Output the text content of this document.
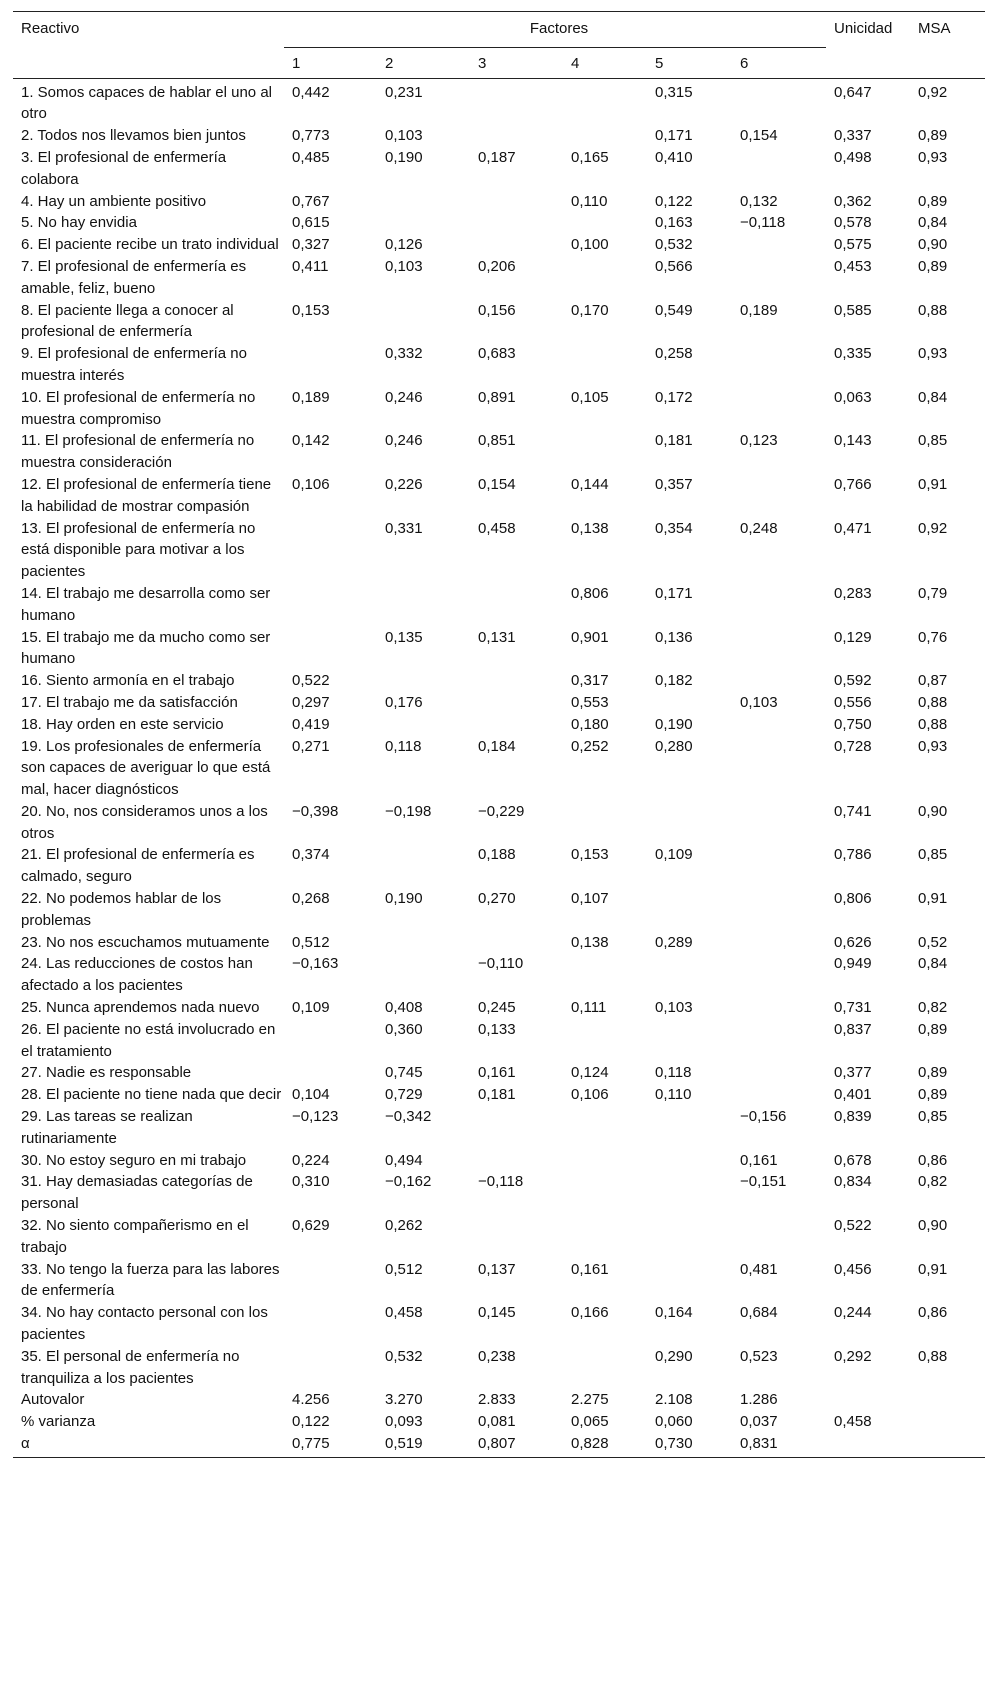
Reactivo	Factores						Unicidad	MSA
	1	2	3	4	5	6		
1. Somos capaces de hablar el uno al otro	0,442	0,231			0,315		0,647	0,92
2. Todos nos llevamos bien juntos	0,773	0,103			0,171	0,154	0,337	0,89
3. El profesional de enfermería colabora	0,485	0,190	0,187	0,165	0,410		0,498	0,93
4. Hay un ambiente positivo	0,767			0,110	0,122	0,132	0,362	0,89
5. No hay envidia	0,615				0,163	−0,118	0,578	0,84
6. El paciente recibe un trato individual	0,327	0,126		0,100	0,532		0,575	0,90
7. El profesional de enfermería es amable, feliz, bueno	0,411	0,103	0,206		0,566		0,453	0,89
8. El paciente llega a conocer al profesional de enfermería	0,153		0,156	0,170	0,549	0,189	0,585	0,88
9. El profesional de enfermería no muestra interés		0,332	0,683		0,258		0,335	0,93
10. El profesional de enfermería no muestra compromiso	0,189	0,246	0,891	0,105	0,172		0,063	0,84
11. El profesional de enfermería no muestra consideración	0,142	0,246	0,851		0,181	0,123	0,143	0,85
12. El profesional de enfermería tiene la habilidad de mostrar compasión	0,106	0,226	0,154	0,144	0,357		0,766	0,91
13. El profesional de enfermería no está disponible para motivar a los pacientes		0,331	0,458	0,138	0,354	0,248	0,471	0,92
14. El trabajo me desarrolla como ser humano				0,806	0,171		0,283	0,79
15. El trabajo me da mucho como ser humano		0,135	0,131	0,901	0,136		0,129	0,76
16. Siento armonía en el trabajo	0,522			0,317	0,182		0,592	0,87
17. El trabajo me da satisfacción	0,297	0,176		0,553		0,103	0,556	0,88
18. Hay orden en este servicio	0,419			0,180	0,190		0,750	0,88
19. Los profesionales de enfermería son capaces de averiguar lo que está mal, hacer diagnósticos	0,271	0,118	0,184	0,252	0,280		0,728	0,93
20. No, nos consideramos unos a los otros	−0,398	−0,198	−0,229				0,741	0,90
21. El profesional de enfermería es calmado, seguro	0,374		0,188	0,153	0,109		0,786	0,85
22. No podemos hablar de los problemas	0,268	0,190	0,270	0,107			0,806	0,91
23. No nos escuchamos mutuamente	0,512			0,138	0,289		0,626	0,52
24. Las reducciones de costos han afectado a los pacientes	−0,163		−0,110				0,949	0,84
25. Nunca aprendemos nada nuevo	0,109	0,408	0,245	0,111	0,103		0,731	0,82
26. El paciente no está involucrado en el tratamiento		0,360	0,133				0,837	0,89
27. Nadie es responsable		0,745	0,161	0,124	0,118		0,377	0,89
28. El paciente no tiene nada que decir	0,104	0,729	0,181	0,106	0,110		0,401	0,89
29. Las tareas se realizan rutinariamente	−0,123	−0,342				−0,156	0,839	0,85
30. No estoy seguro en mi trabajo	0,224	0,494				0,161	0,678	0,86
31. Hay demasiadas categorías de personal	0,310	−0,162	−0,118			−0,151	0,834	0,82
32. No siento compañerismo en el trabajo	0,629	0,262					0,522	0,90
33. No tengo la fuerza para las labores de enfermería		0,512	0,137	0,161		0,481	0,456	0,91
34. No hay contacto personal con los pacientes		0,458	0,145	0,166	0,164	0,684	0,244	0,86
35. El personal de enfermería no tranquiliza a los pacientes		0,532	0,238		0,290	0,523	0,292	0,88
Autovalor	4.256	3.270	2.833	2.275	2.108	1.286		
% varianza	0,122	0,093	0,081	0,065	0,060	0,037	0,458	
α	0,775	0,519	0,807	0,828	0,730	0,831		
